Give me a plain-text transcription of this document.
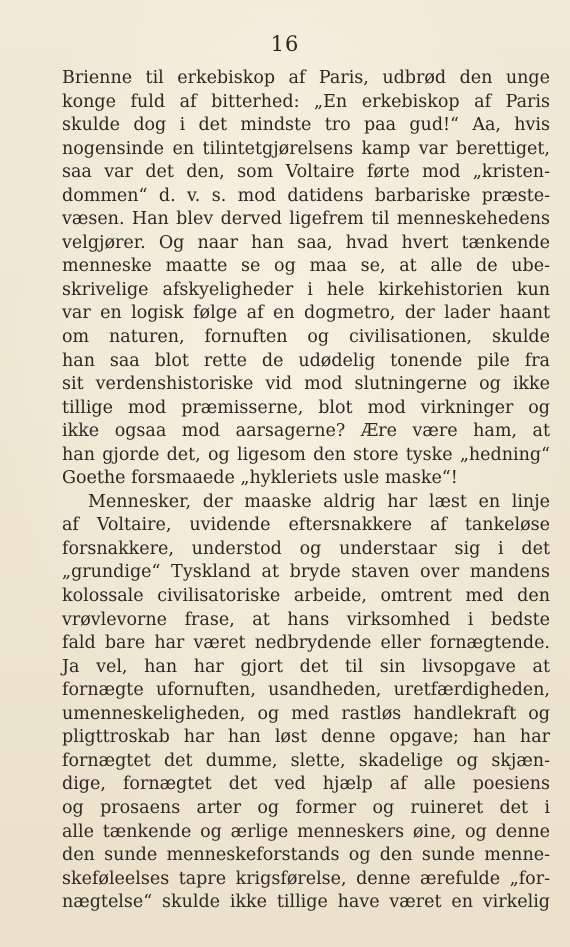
16
Brienne til erkebiskop af Paris, udbrød den unge
konge fuld af bitterhed: „En erkebiskop af Paris
skulde dog i det mindste tro paa gud!“ Aa, hvis
nogensinde en tilintetgjørelsens kamp var berettiget,
saa var det den, som Voltaire førte mod „kristen-
dommen“ d. v. s. mod datidens barbariske præste-
væsen. Han blev derved ligefrem til menneskehedens
velgjører. Og naar han saa, hvad hvert tænkende
menneske maatte se og maa se, at alle de ube-
skrivelige afskyeligheder i hele kirkehistorien kun
var en logisk følge af en dogmetro, der lader haant
om naturen, fornuften og civilisationen, skulde
han saa blot rette de udødelig tonende pile fra
sit verdenshistoriske vid mod slutningerne og ikke
tillige mod præmisserne, blot mod virkninger og
ikke ogsaa mod aarsagerne? Ære være ham, at
han gjorde det, og ligesom den store tyske „hedning“
Goethe forsmaaede „hykleriets usle maske“!
Mennesker, der maaske aldrig har læst en linje
af Voltaire, uvidende eftersnakkere af tankeløse
forsnakkere, understod og understaar sig i det
„grundige“ Tyskland at bryde staven over mandens
kolossale civilisatoriske arbeide, omtrent med den
vrøvlevorne frase, at hans virksomhed i bedste
fald bare har været nedbrydende eller fornægtende.
Ja vel, han har gjort det til sin livsopgave at
fornægte ufornuften, usandheden, uretfærdigheden,
umenneskeligheden, og med rastløs handlekraft og
pligttroskab har han løst denne opgave; han har
fornægtet det dumme, slette, skadelige og skjæn-
dige, fornægtet det ved hjælp af alle poesiens
og prosaens arter og former og ruineret det i
alle tænkende og ærlige menneskers øine, og denne
den sunde menneskeforstands og den sunde menne-
skeføleelses tapre krigsførelse, denne ærefulde „for-
nægtelse“ skulde ikke tillige have været en virkelig
